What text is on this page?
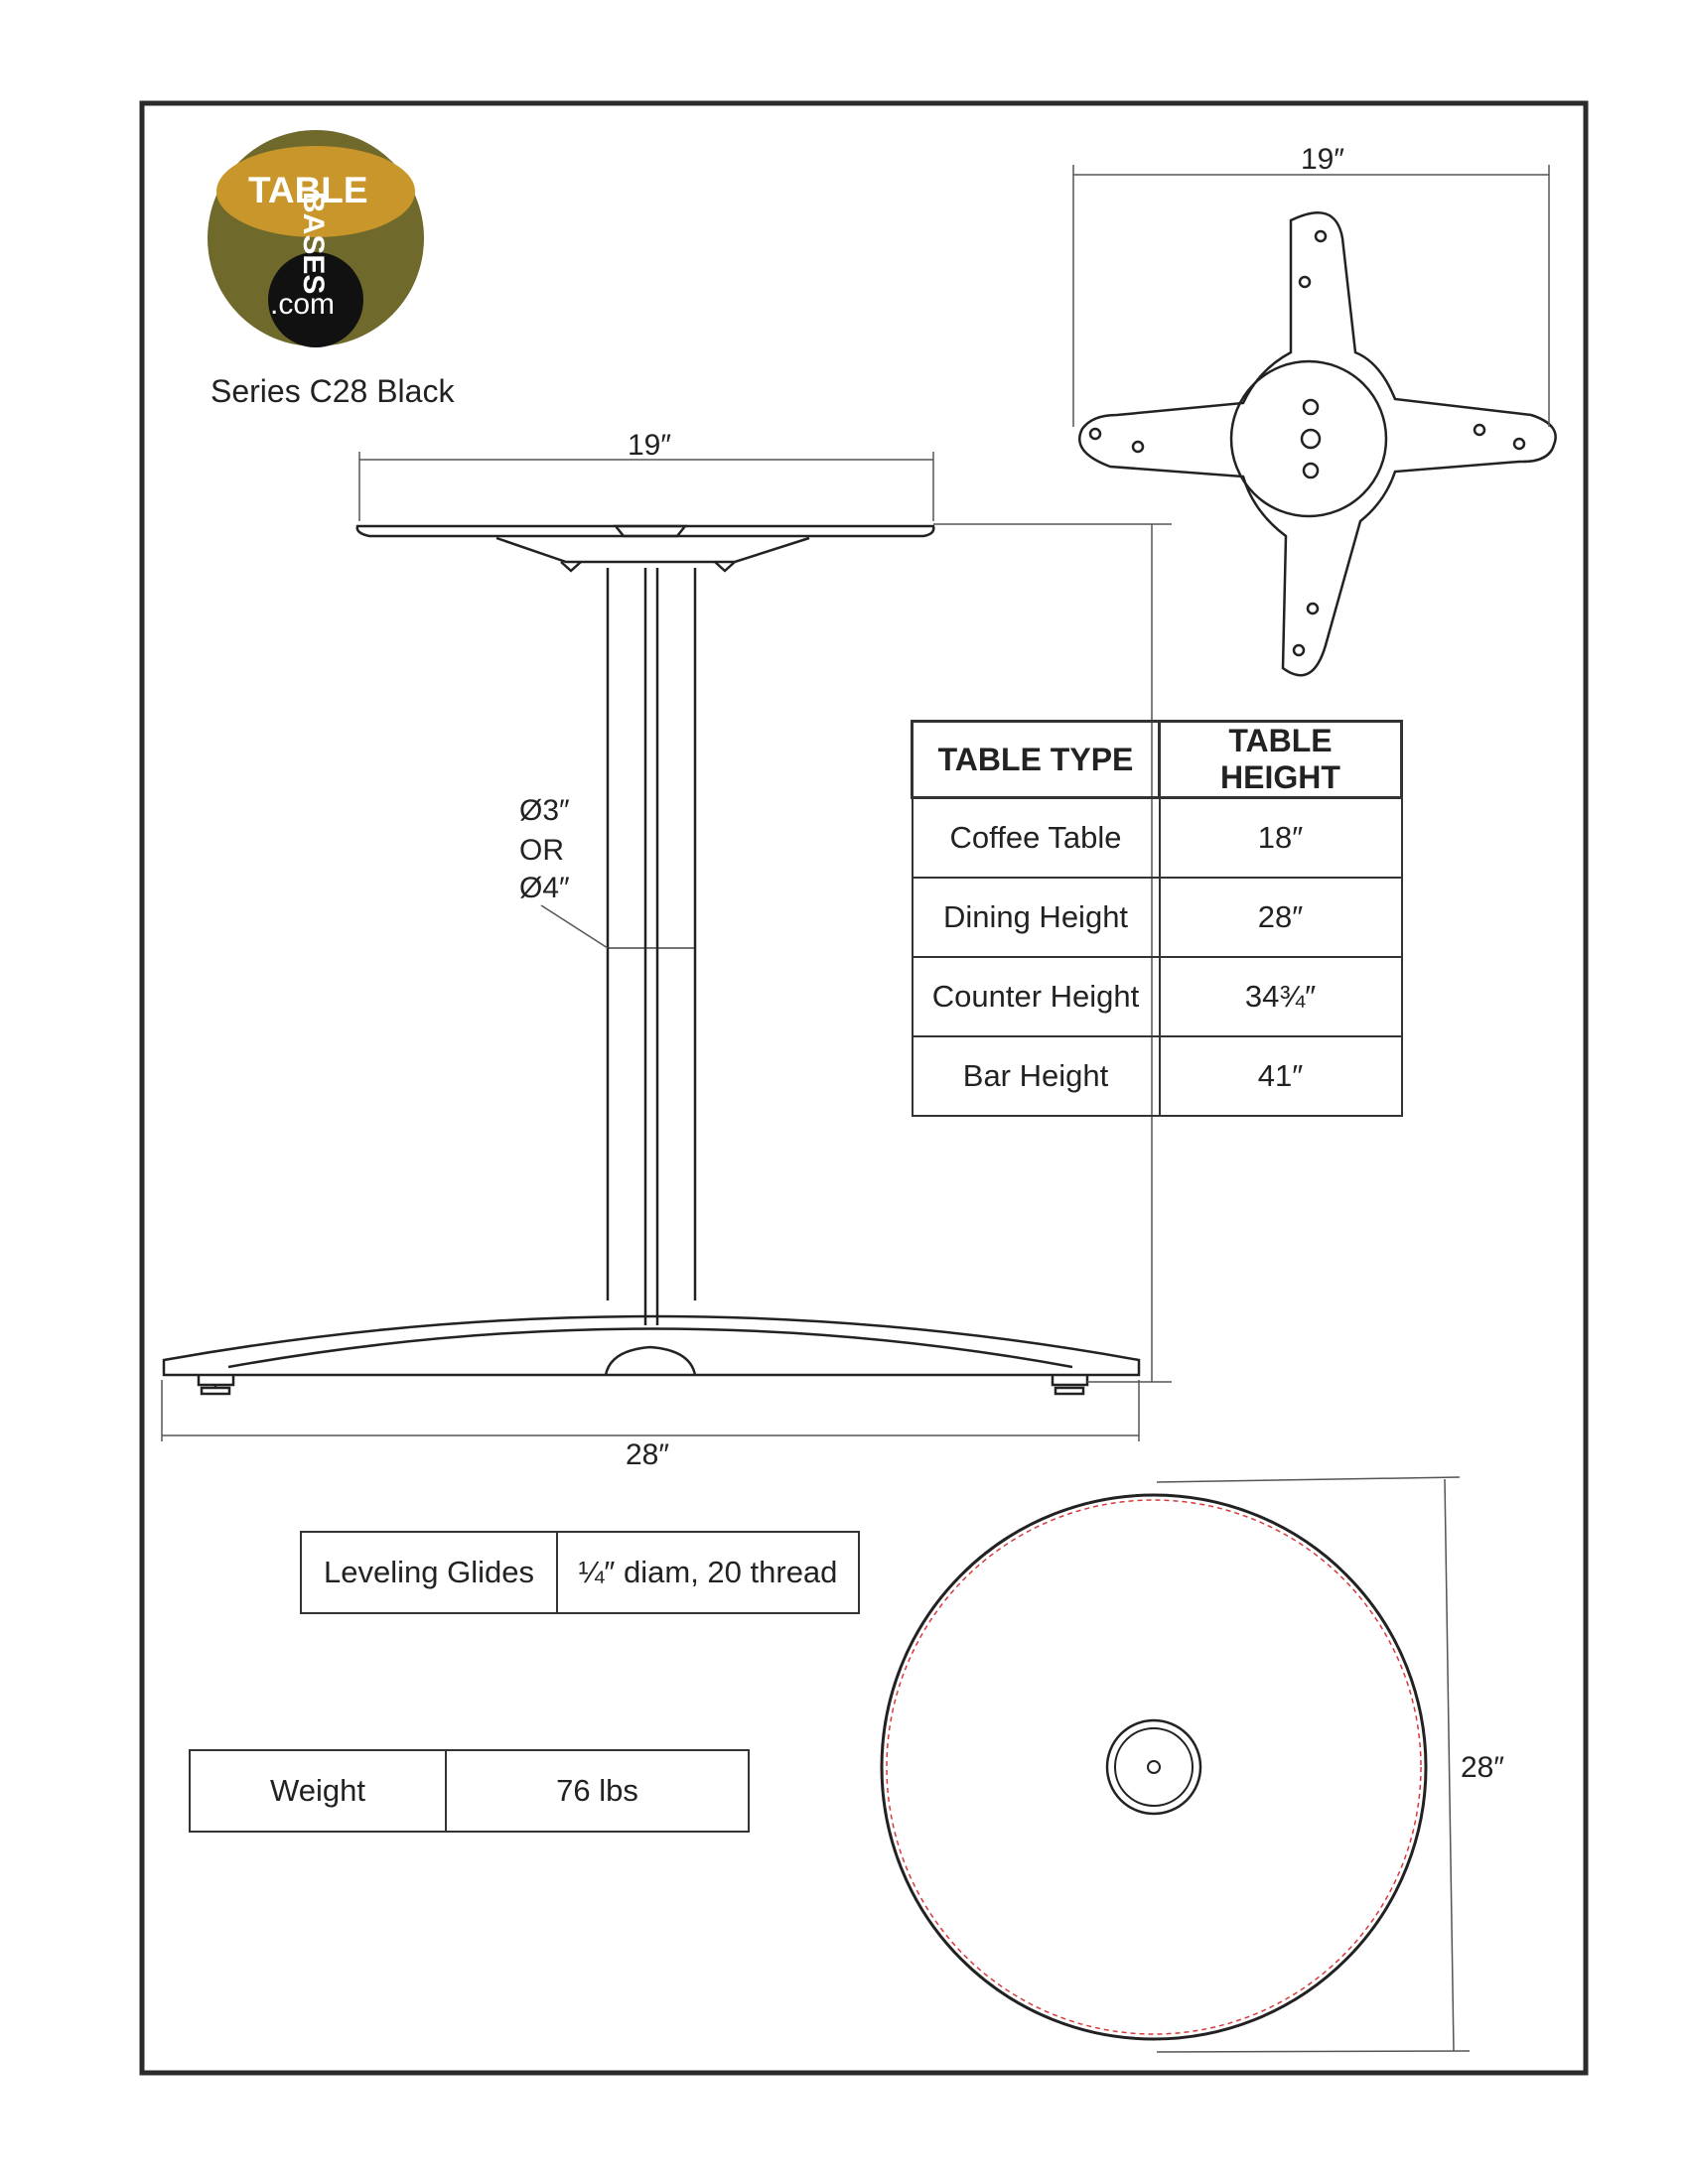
TABLE
BASES
.com
19″
19″
Ø3″
OR
Ø4″
28″
28″
Series C28 Black
TABLE TYPE	TABLE HEIGHT
Coffee Table	18″
Dining Height	28″
Counter Height	34¾″
Bar Height	41″
Leveling Glides	¼″ diam, 20 thread
Weight	76 lbs
